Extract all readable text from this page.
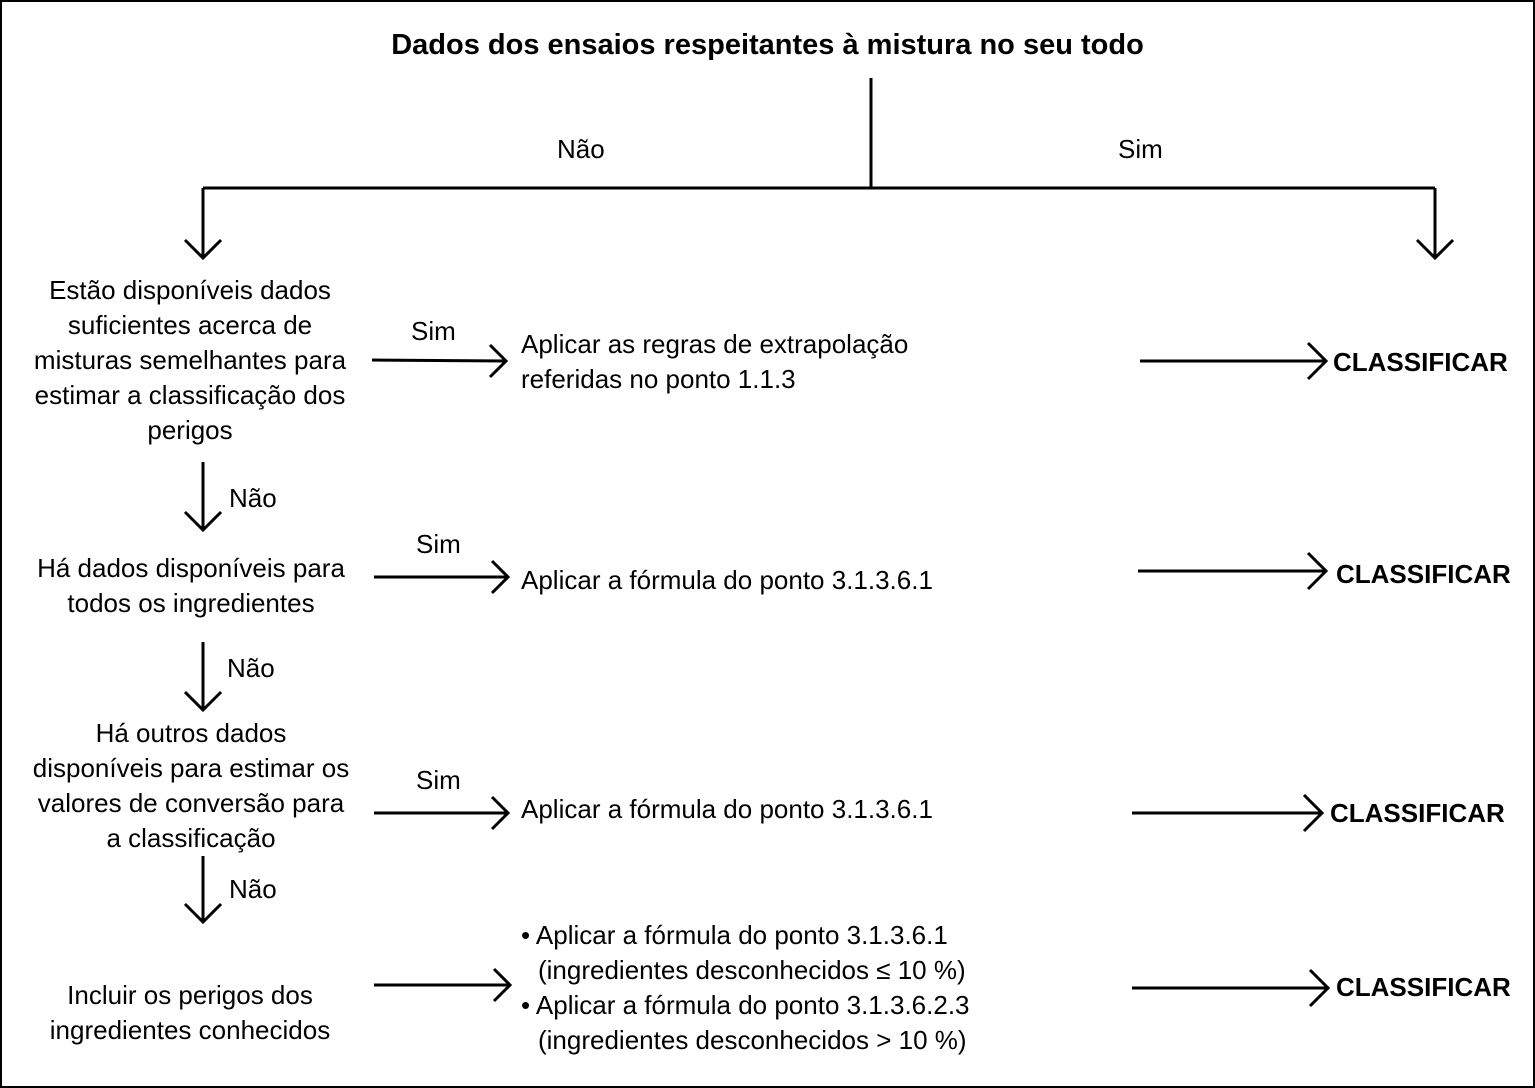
Dados dos ensaios respeitantes à mistura no seu todo
Não	Sim
Estão disponíveis dados
suficientes acerca de
misturas semelhantes para
estimar a classificação dos
perigos
Há dados disponíveis para
todos os ingredientes
Há outros dados
disponíveis para estimar os
valores de conversão para
a classificação
Incluir os perigos dos
ingredientes conhecidos
Sim
Sim
Sim
Não
Não
Não
Aplicar as regras de extrapolação
referidas no ponto 1.1.3
Aplicar a fórmula do ponto 3.1.3.6.1
Aplicar a fórmula do ponto 3.1.3.6.1
• Aplicar a fórmula do ponto 3.1.3.6.1
(ingredientes desconhecidos ≤ 10 %)
• Aplicar a fórmula do ponto 3.1.3.6.2.3
(ingredientes desconhecidos > 10 %)
CLASSIFICAR
CLASSIFICAR
CLASSIFICAR
CLASSIFICAR
